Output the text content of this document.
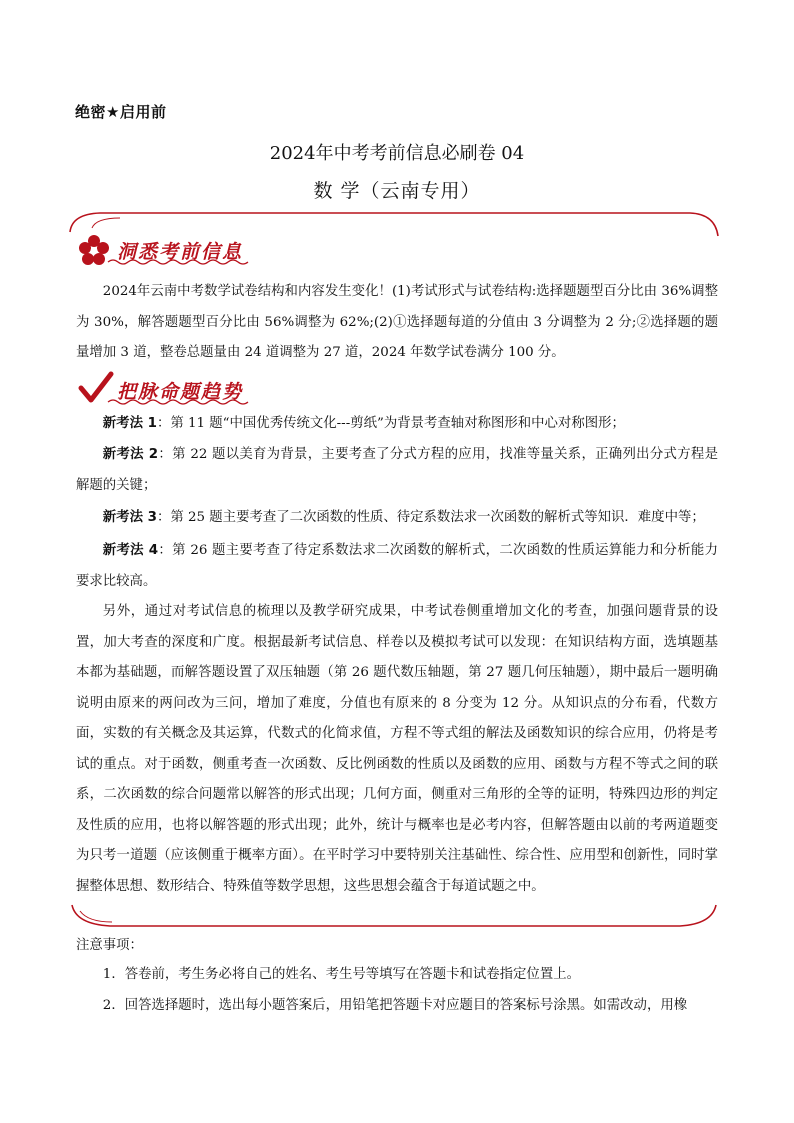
绝密★启用前
2024年中考考前信息必刷卷 04
数 学（云南专用）
洞悉考前信息
2024年云南中考数学试卷结构和内容发生变化！(1)考试形式与试卷结构:选择题题型百分比由 36%调整为 30%，解答题题型百分比由 56%调整为 62%;(2)①选择题每道的分值由 3 分调整为 2 分;②选择题的题量增加 3 道，整卷总题量由 24 道调整为 27 道，2024 年数学试卷满分 100 分。
把脉命题趋势
新考法 1：第 11 题“中国优秀传统文化---剪纸”为背景考查轴对称图形和中心对称图形；
新考法 2：第 22 题以美育为背景，主要考查了分式方程的应用，找准等量关系，正确列出分式方程是解题的关键；
新考法 3：第 25 题主要考查了二次函数的性质、待定系数法求一次函数的解析式等知识．难度中等；
新考法 4：第 26 题主要考查了待定系数法求二次函数的解析式，二次函数的性质运算能力和分析能力要求比较高。
另外，通过对考试信息的梳理以及教学研究成果，中考试卷侧重增加文化的考查，加强问题背景的设置，加大考查的深度和广度。根据最新考试信息、样卷以及模拟考试可以发现：在知识结构方面，选填题基本都为基础题，而解答题设置了双压轴题（第 26 题代数压轴题，第 27 题几何压轴题），期中最后一题明确说明由原来的两问改为三问，增加了难度，分值也有原来的 8 分变为 12 分。从知识点的分布看，代数方面，实数的有关概念及其运算，代数式的化简求值，方程不等式组的解法及函数知识的综合应用，仍将是考试的重点。对于函数，侧重考查一次函数、反比例函数的性质以及函数的应用、函数与方程不等式之间的联系，二次函数的综合问题常以解答的形式出现；几何方面，侧重对三角形的全等的证明，特殊四边形的判定及性质的应用，也将以解答题的形式出现；此外，统计与概率也是必考内容，但解答题由以前的考两道题变为只考一道题（应该侧重于概率方面）。在平时学习中要特别关注基础性、综合性、应用型和创新性，同时掌握整体思想、数形结合、特殊值等数学思想，这些思想会蕴含于每道试题之中。
注意事项：
1．答卷前，考生务必将自己的姓名、考生号等填写在答题卡和试卷指定位置上。
2．回答选择题时，选出每小题答案后，用铅笔把答题卡对应题目的答案标号涂黑。如需改动，用橡
